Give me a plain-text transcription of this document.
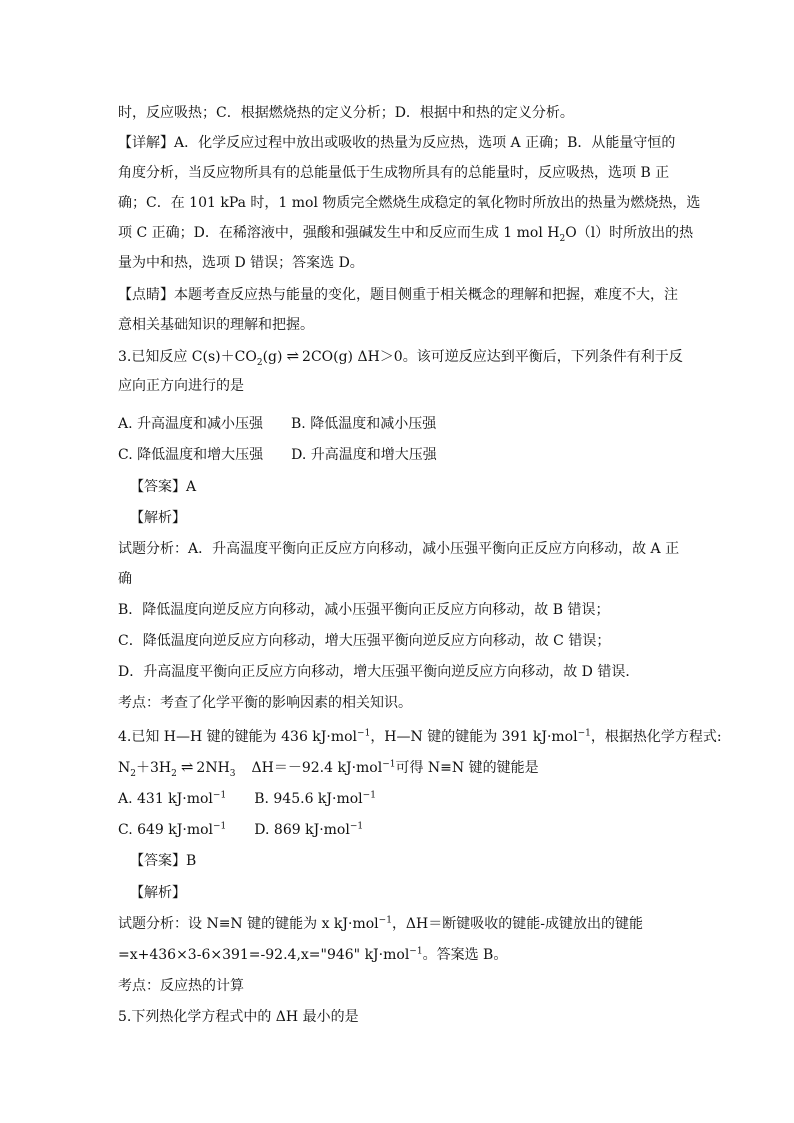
时，反应吸热；C．根据燃烧热的定义分析；D．根据中和热的定义分析。
【详解】A．化学反应过程中放出或吸收的热量为反应热，选项 A 正确；B．从能量守恒的
角度分析，当反应物所具有的总能量低于生成物所具有的总能量时，反应吸热，选项 B 正
确；C．在 101 kPa 时，1 mol 物质完全燃烧生成稳定的氧化物时所放出的热量为燃烧热，选
项 C 正确；D．在稀溶液中，强酸和强碱发生中和反应而生成 1 mol $H_2O(l)$时所放出的热
量为中和热，选项 D 错误；答案选 D。
【点睛】本题考查反应热与能量的变化，题目侧重于相关概念的理解和把握，难度不大，注
意相关基础知识的理解和把握。
3.已知反应 $C(s)+CO_2(g)$ ⇌ 2CO(g) ΔH＞0。该可逆反应达到平衡后，下列条件有利于反
应向正方向进行的是
A. 升高温度和减小压强 B. 降低温度和减小压强
C. 降低温度和增大压强 D. 升高温度和增大压强
【答案】A
【解析】
试题分析：A．升高温度平衡向正反应方向移动，减小压强平衡向正反应方向移动，故 A 正
确
B．降低温度向逆反应方向移动，减小压强平衡向正反应方向移动，故 B 错误；
C．降低温度向逆反应方向移动，增大压强平衡向逆反应方向移动，故 C 错误；
D．升高温度平衡向正反应方向移动，增大压强平衡向逆反应方向移动，故 D 错误．
考点：考查了化学平衡的影响因素的相关知识。
4.已知 H—H 键的键能为 436 kJ·mol$^{-1}$，H—N 键的键能为 391 kJ·mol$^{-1}$，根据热化学方程式:
$N_2+3H_2$ ⇌ $2NH_3$ ΔH＝－92.4 kJ·mol$^{-1}$可得 N≡N 键的键能是
A. 431 kJ·mol$^{-1}$ B. 945.6 kJ·mol$^{-1}$
C. 649 kJ·mol$^{-1}$ D. 869 kJ·mol$^{-1}$
【答案】B
【解析】
试题分析：设 N≡N 键的键能为 x kJ·mol$^{-1}$，ΔH＝断键吸收的键能-成键放出的键能
=x+436×3-6×391=-92.4,x="946" kJ·mol$^{-1}$。答案选 B。
考点：反应热的计算
5.下列热化学方程式中的 ΔH 最小的是
